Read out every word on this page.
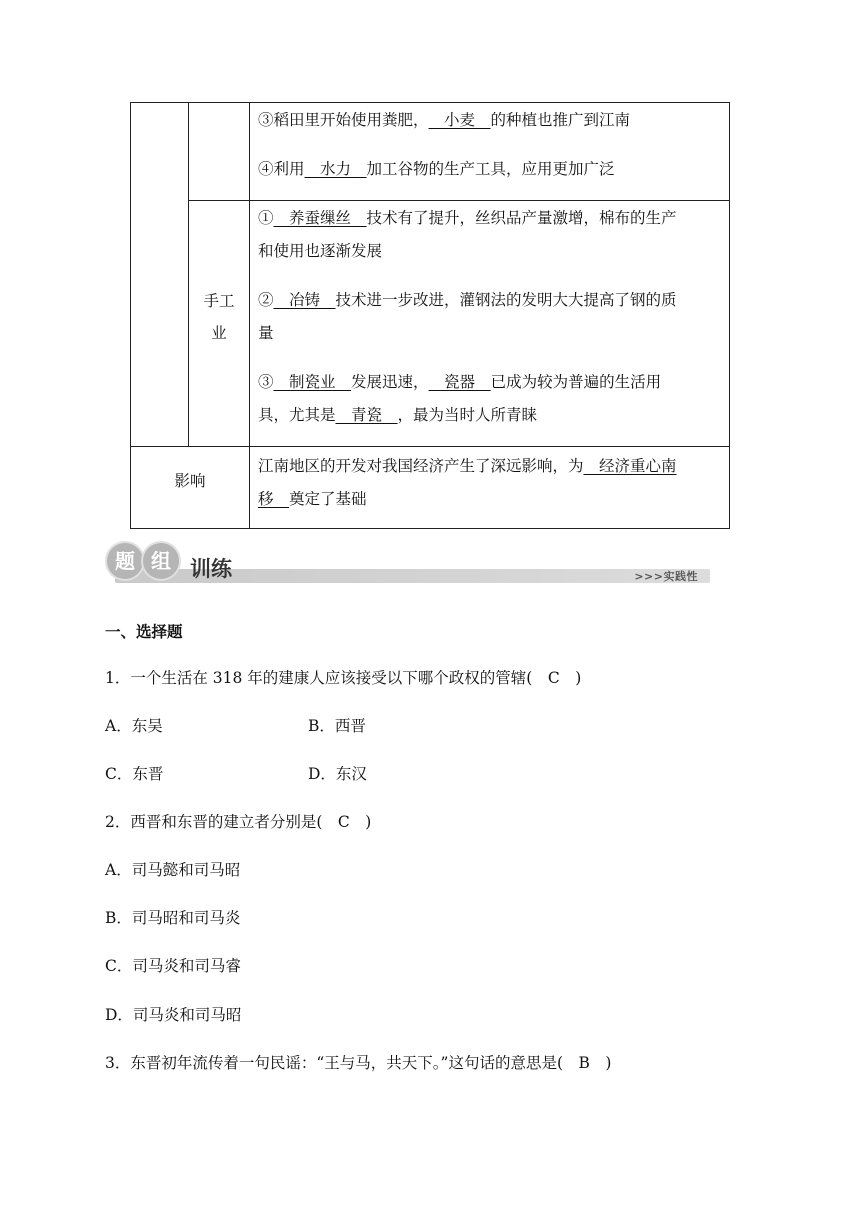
手工
业
影响
③稻田里开始使用粪肥，__小麦__的种植也推广到江南
④利用__水力__加工谷物的生产工具，应用更加广泛
①__养蚕缫丝__技术有了提升，丝织品产量激增，棉布的生产
和使用也逐渐发展
②__冶铸__技术进一步改进，灌钢法的发明大大提高了钢的质
量
③__制瓷业__发展迅速，__瓷器__已成为较为普遍的生活用
具，尤其是__青瓷__，最为当时人所青睐
江南地区的开发对我国经济产生了深远影响，为__经济重心南
移__奠定了基础
>>>实践性
题 组 训练
一、选择题
1．一个生活在 318 年的建康人应该接受以下哪个政权的管辖(　C　)
A．东吴	B．西晋
C．东晋	D．东汉
2．西晋和东晋的建立者分别是(　C　)
A．司马懿和司马昭
B．司马昭和司马炎
C．司马炎和司马睿
D．司马炎和司马昭
3．东晋初年流传着一句民谣：“王与马，共天下。”这句话的意思是(　B　)
